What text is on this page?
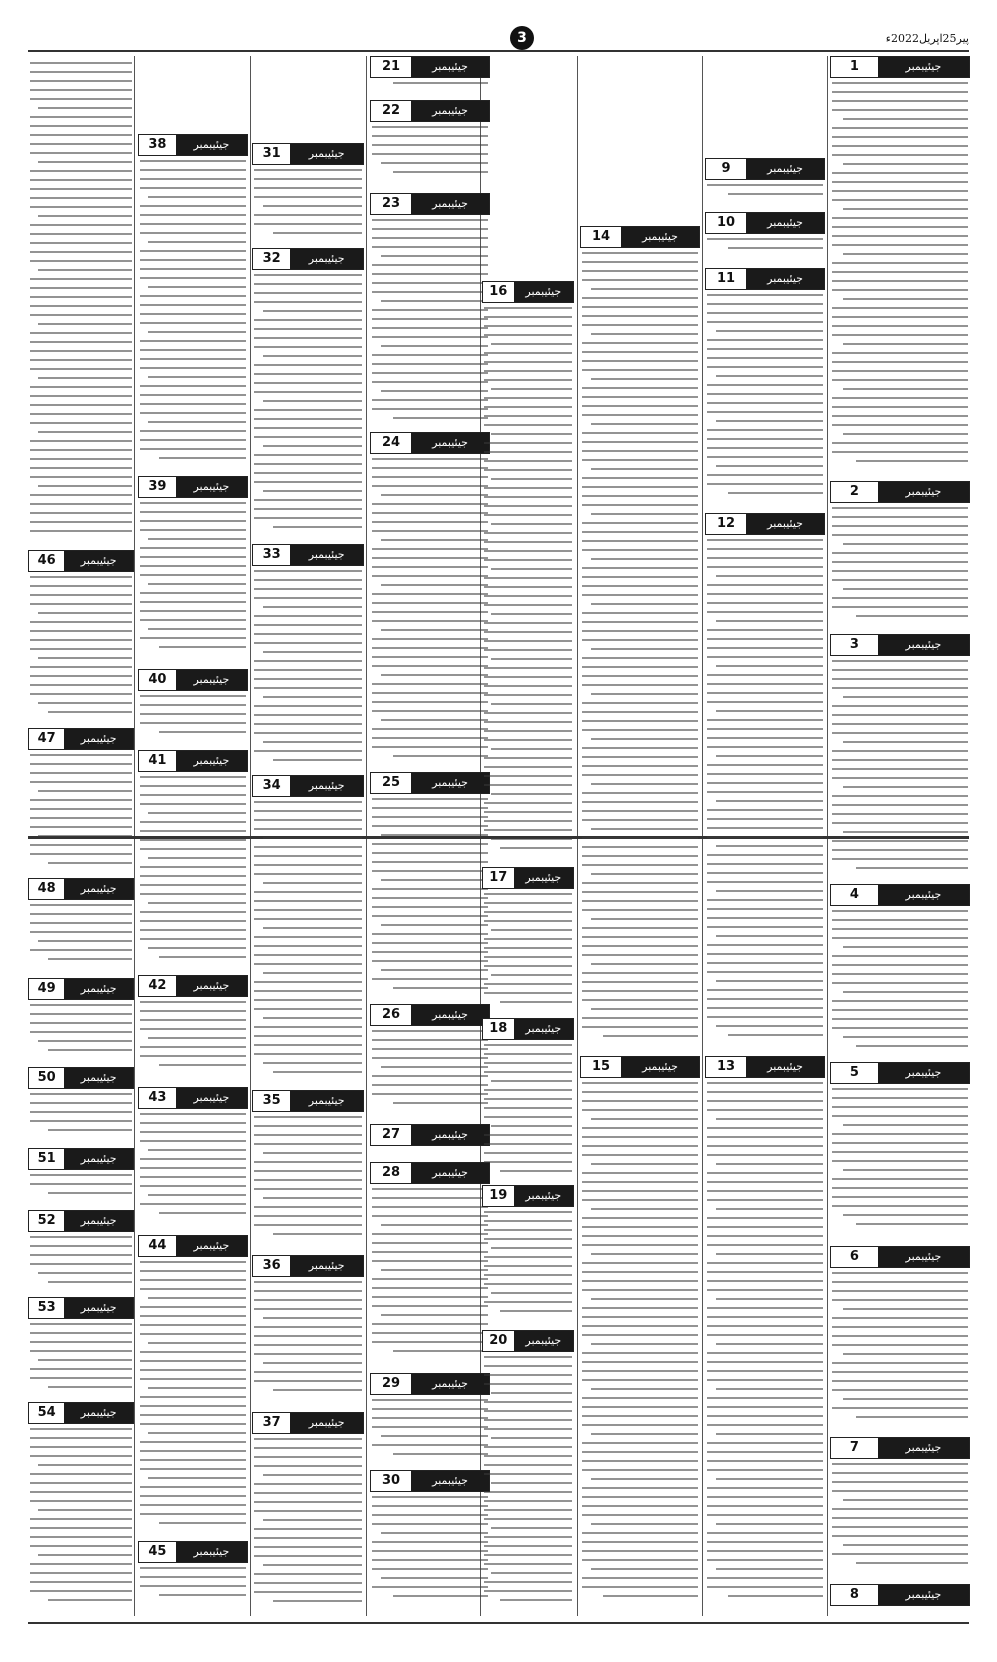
3	پیر25اپریل2022ء
1	جیئیبمبر
2	جیئیبمبر
3	جیئیبمبر
4	جیئیبمبر
5	جیئیبمبر
6	جیئیبمبر
7	جیئیبمبر
8	جیئیبمبر
9	جیئیبمبر
10	جیئیبمبر
11	جیئیبمبر
12	جیئیبمبر
13	جیئیبمبر
14	جیئیبمبر
15	جیئیبمبر
21	جیئیبمبر
22	جیئیبمبر
23	جیئیبمبر
24	جیئیبمبر
25	جیئیبمبر
26	جیئیبمبر
27	جیئیبمبر
28	جیئیبمبر
29	جیئیبمبر
30	جیئیبمبر
31	جیئیبمبر
32	جیئیبمبر
33	جیئیبمبر
34	جیئیبمبر
35	جیئیبمبر
36	جیئیبمبر
37	جیئیبمبر
38	جیئیبمبر
39	جیئیبمبر
40	جیئیبمبر
41	جیئیبمبر
42	جیئیبمبر
43	جیئیبمبر
44	جیئیبمبر
45	جیئیبمبر
46	جیئیبمبر
47	جیئیبمبر
48	جیئیبمبر
49	جیئیبمبر
50	جیئیبمبر
51	جیئیبمبر
52	جیئیبمبر
53	جیئیبمبر
54	جیئیبمبر
16	جیئیبمبر
17	جیئیبمبر
18	جیئیبمبر
19	جیئیبمبر
20	جیئیبمبر
